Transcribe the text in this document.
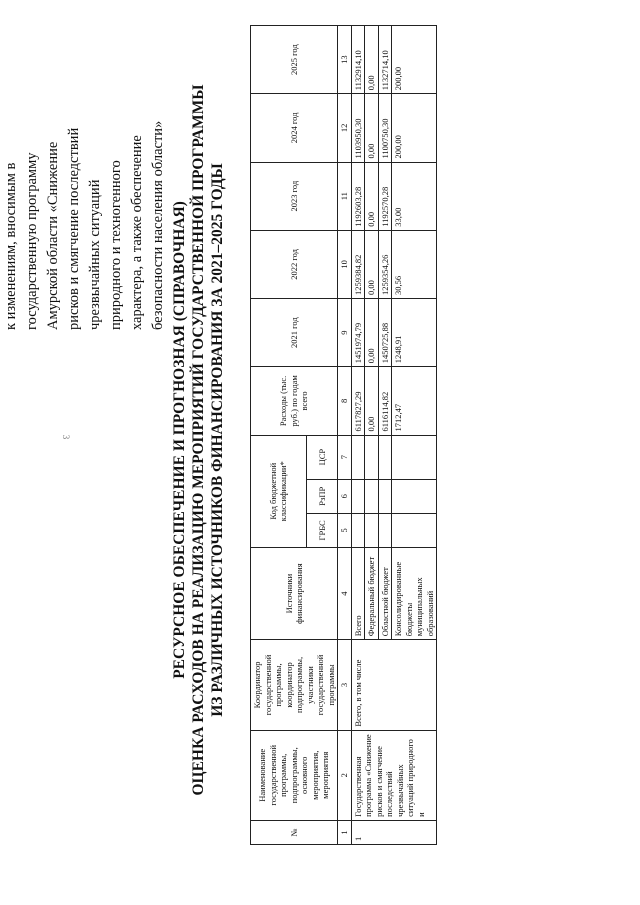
3
к изменениям, вносимым в государственную программу Амурской области «Снижение рисков и смягчение последствий чрезвычайных ситуаций природного и техногенного характера, а также обеспечение безопасности населения области» РЕСУРСНОЕ ОБЕСПЕЧЕНИЕ И ПРОГНОЗНАЯ (СПРАВОЧНАЯ) ОЦЕНКА РАСХОДОВ НА РЕАЛИЗАЦИЮ МЕРОПРИЯТИЙ ГОСУДАРСТВЕННОЙ ПРОГРАММЫ ИЗ РАЗЛИЧНЫХ ИСТОЧНИКОВ ФИНАНСИРОВАНИЯ ЗА 2021–2025 ГОДЫ
№	Наименование государственной программы, подпрограммы, основного мероприятия, мероприятия	Координатор государственной программы, координатор подпрограммы, участники государственной программы	Источники финансирования	Код бюджетной классификации*			Расходы (тыс. руб.) по годам всего	2021 год	2022 год	2023 год	2024 год	2025 год
				ГРБС	РзПР	ЦСР						
1	2	3	4	5	6	7	8	9	10	11	12	13
1	Государственная программа «Снижение рисков и смягчение последствий чрезвычайных ситуаций природного и	Всего, в том числе	Всего				6117827,29	1451974,79	1259384,82	1192603,28	1103950,30	1132914,10
			Федеральный бюджет				0,00	0,00	0,00	0,00	0,00	0,00
			Областной бюджет				6116114,82	1450725,88	1259354,26	1192570,28	1100750,30	1132714,10
			Консолидированные бюджеты муниципальных образований				1712,47	1248,91	30,56	33,00	200,00	200,00
